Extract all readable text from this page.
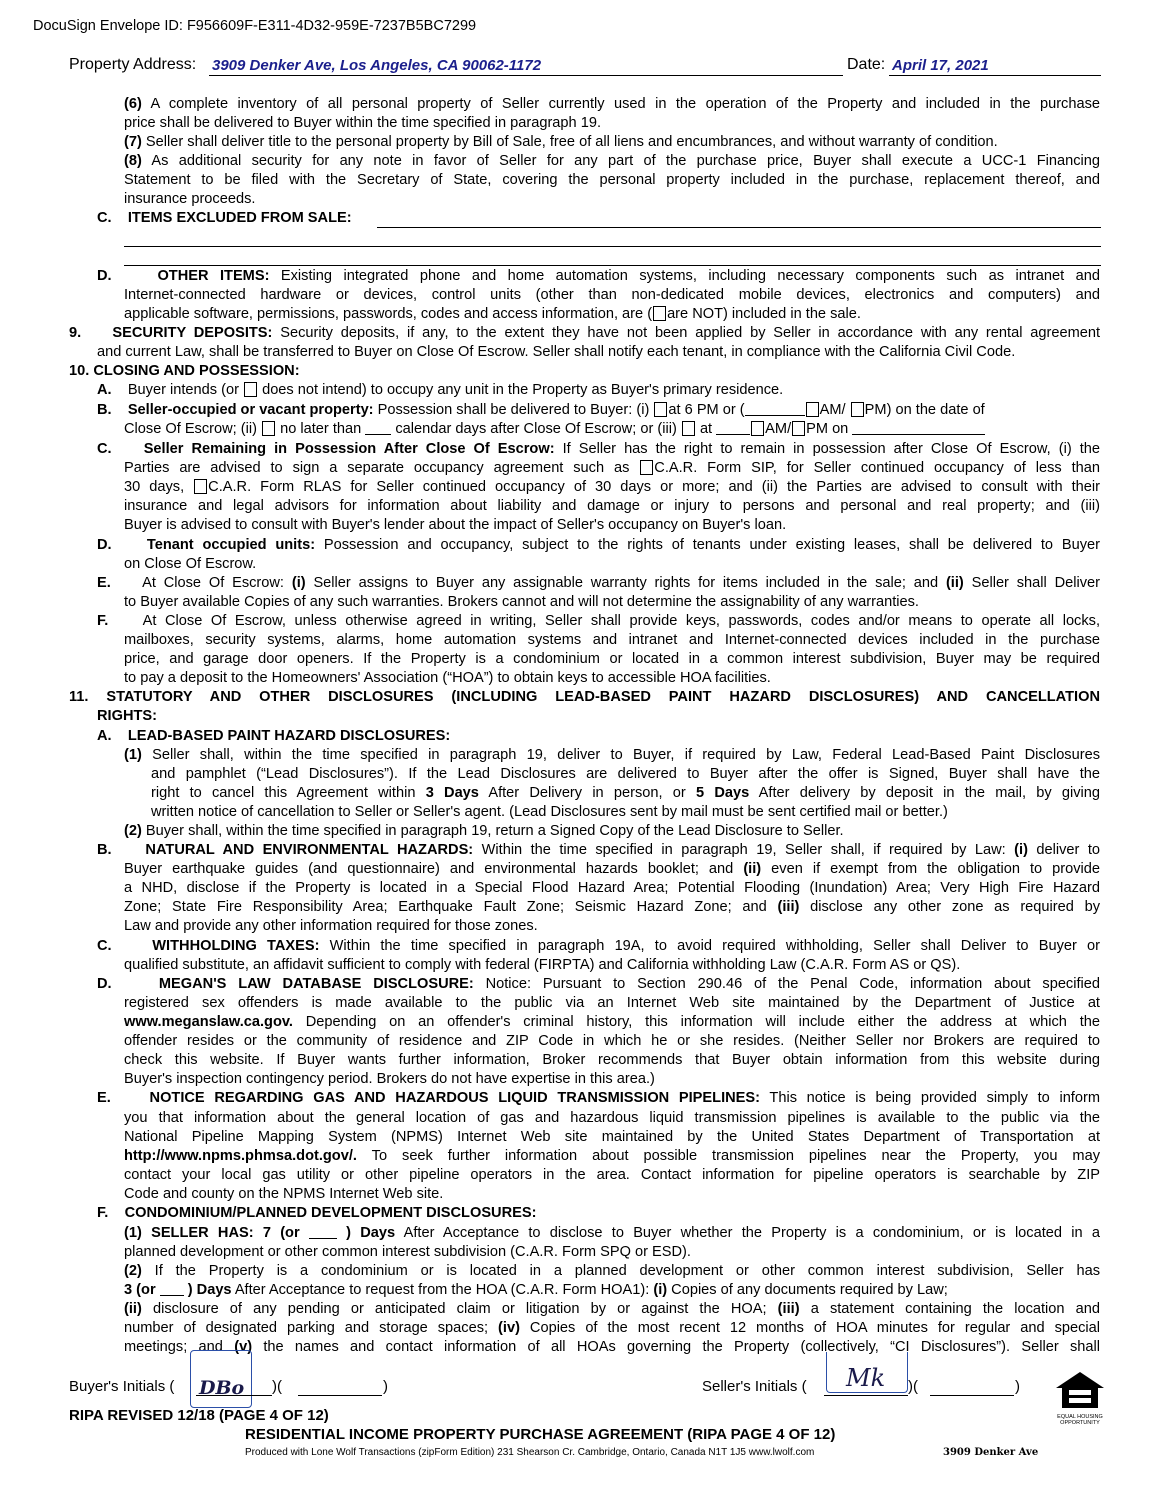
DocuSign Envelope ID: F956609F-E311-4D32-959E-7237B5BC7299
Property Address: 3909 Denker Ave, Los Angeles, CA 90062-1172	Date: April 17, 2021
(6) A complete inventory of all personal property of Seller currently used in the operation of the Property and included in the purchase
price shall be delivered to Buyer within the time specified in paragraph 19.
(7) Seller shall deliver title to the personal property by Bill of Sale, free of all liens and encumbrances, and without warranty of condition.
(8) As additional security for any note in favor of Seller for any part of the purchase price, Buyer shall execute a UCC-1 Financing
Statement to be filed with the Secretary of State, covering the personal property included in the purchase, replacement thereof, and
insurance proceeds.
C. ITEMS EXCLUDED FROM SALE:
D.	OTHER ITEMS: Existing integrated phone and home automation systems, including necessary components such as intranet and
Internet-connected hardware or devices, control units (other than non-dedicated mobile devices, electronics and computers) and
applicable software, permissions, passwords, codes and access information, are ( are NOT) included in the sale.
9. SECURITY DEPOSITS: Security deposits, if any, to the extent they have not been applied by Seller in accordance with any rental agreement
and current Law, shall be transferred to Buyer on Close Of Escrow. Seller shall notify each tenant, in compliance with the California Civil Code.
10. CLOSING AND POSSESSION:
A. Buyer intends (or does not intend) to occupy any unit in the Property as Buyer's primary residence.
B. Seller-occupied or vacant property: Possession shall be delivered to Buyer: (i) at 6 PM or (	AM/ PM) on the date of
Close Of Escrow; (ii) no later than calendar days after Close Of Escrow; or (iii) at	AM/ PM on
C. Seller Remaining in Possession After Close Of Escrow: If Seller has the right to remain in possession after Close Of Escrow, (i) the
Parties are advised to sign a separate occupancy agreement such as C.A.R. Form SIP, for Seller continued occupancy of less than
30 days, C.A.R. Form RLAS for Seller continued occupancy of 30 days or more; and (ii) the Parties are advised to consult with their
insurance and legal advisors for information about liability and damage or injury to persons and personal and real property; and (iii)
Buyer is advised to consult with Buyer's lender about the impact of Seller's occupancy on Buyer's loan.
D. Tenant occupied units: Possession and occupancy, subject to the rights of tenants under existing leases, shall be delivered to Buyer
on Close Of Escrow.
E. At Close Of Escrow: (i) Seller assigns to Buyer any assignable warranty rights for items included in the sale; and (ii) Seller shall Deliver
to Buyer available Copies of any such warranties. Brokers cannot and will not determine the assignability of any warranties.
F. At Close Of Escrow, unless otherwise agreed in writing, Seller shall provide keys, passwords, codes and/or means to operate all locks,
mailboxes, security systems, alarms, home automation systems and intranet and Internet-connected devices included in the purchase
price, and garage door openers. If the Property is a condominium or located in a common interest subdivision, Buyer may be required
to pay a deposit to the Homeowners' Association (“HOA”) to obtain keys to accessible HOA facilities.
11. STATUTORY AND OTHER DISCLOSURES (INCLUDING LEAD-BASED PAINT HAZARD DISCLOSURES) AND CANCELLATION
RIGHTS:
A. LEAD-BASED PAINT HAZARD DISCLOSURES:
(1) Seller shall, within the time specified in paragraph 19, deliver to Buyer, if required by Law, Federal Lead-Based Paint Disclosures
and pamphlet (“Lead Disclosures”). If the Lead Disclosures are delivered to Buyer after the offer is Signed, Buyer shall have the
right to cancel this Agreement within 3 Days After Delivery in person, or 5 Days After delivery by deposit in the mail, by giving
written notice of cancellation to Seller or Seller's agent. (Lead Disclosures sent by mail must be sent certified mail or better.)
(2) Buyer shall, within the time specified in paragraph 19, return a Signed Copy of the Lead Disclosure to Seller.
B. NATURAL AND ENVIRONMENTAL HAZARDS: Within the time specified in paragraph 19, Seller shall, if required by Law: (i) deliver to
Buyer earthquake guides (and questionnaire) and environmental hazards booklet; and (ii) even if exempt from the obligation to provide
a NHD, disclose if the Property is located in a Special Flood Hazard Area; Potential Flooding (Inundation) Area; Very High Fire Hazard
Zone; State Fire Responsibility Area; Earthquake Fault Zone; Seismic Hazard Zone; and (iii) disclose any other zone as required by
Law and provide any other information required for those zones.
C.	WITHHOLDING TAXES: Within the time specified in paragraph 19A, to avoid required withholding, Seller shall Deliver to Buyer or
qualified substitute, an affidavit sufficient to comply with federal (FIRPTA) and California withholding Law (C.A.R. Form AS or QS).
D.	MEGAN'S LAW DATABASE DISCLOSURE: Notice: Pursuant to Section 290.46 of the Penal Code, information about specified
registered sex offenders is made available to the public via an Internet Web site maintained by the Department of Justice at
www.meganslaw.ca.gov. Depending on an offender's criminal history, this information will include either the address at which the
offender resides or the community of residence and ZIP Code in which he or she resides. (Neither Seller nor Brokers are required to
check this website. If Buyer wants further information, Broker recommends that Buyer obtain information from this website during
Buyer's inspection contingency period. Brokers do not have expertise in this area.)
E.	NOTICE REGARDING GAS AND HAZARDOUS LIQUID TRANSMISSION PIPELINES: This notice is being provided simply to inform
you that information about the general location of gas and hazardous liquid transmission pipelines is available to the public via the
National Pipeline Mapping System (NPMS) Internet Web site maintained by the United States Department of Transportation at
http://www.npms.phmsa.dot.gov/. To seek further information about possible transmission pipelines near the Property, you may
contact your local gas utility or other pipeline operators in the area. Contact information for pipeline operators is searchable by ZIP
Code and county on the NPMS Internet Web site.
F. CONDOMINIUM/PLANNED DEVELOPMENT DISCLOSURES:
(1) SELLER HAS: 7 (or	) Days After Acceptance to disclose to Buyer whether the Property is a condominium, or is located in a
planned development or other common interest subdivision (C.A.R. Form SPQ or ESD).
(2) If the Property is a condominium or is located in a planned development or other common interest subdivision, Seller has
3 (or ) Days After Acceptance to request from the HOA (C.A.R. Form HOA1): (i) Copies of any documents required by Law;
(ii) disclosure of any pending or anticipated claim or litigation by or against the HOA; (iii) a statement containing the location and
number of designated parking and storage spaces; (iv) Copies of the most recent 12 months of HOA minutes for regular and special
meetings; and (v) the names and contact information of all HOAs governing the Property (collectively, “CI Disclosures”). Seller shall
Buyer's Initials ( DBo )(	)	Seller's Initials ( Mk )(	)
EQUAL HOUSING OPPORTUNITY
RIPA REVISED 12/18 (PAGE 4 OF 12)
RESIDENTIAL INCOME PROPERTY PURCHASE AGREEMENT (RIPA PAGE 4 OF 12)
Produced with Lone Wolf Transactions (zipForm Edition) 231 Shearson Cr. Cambridge, Ontario, Canada N1T 1J5 www.lwolf.com	3909 Denker Ave
